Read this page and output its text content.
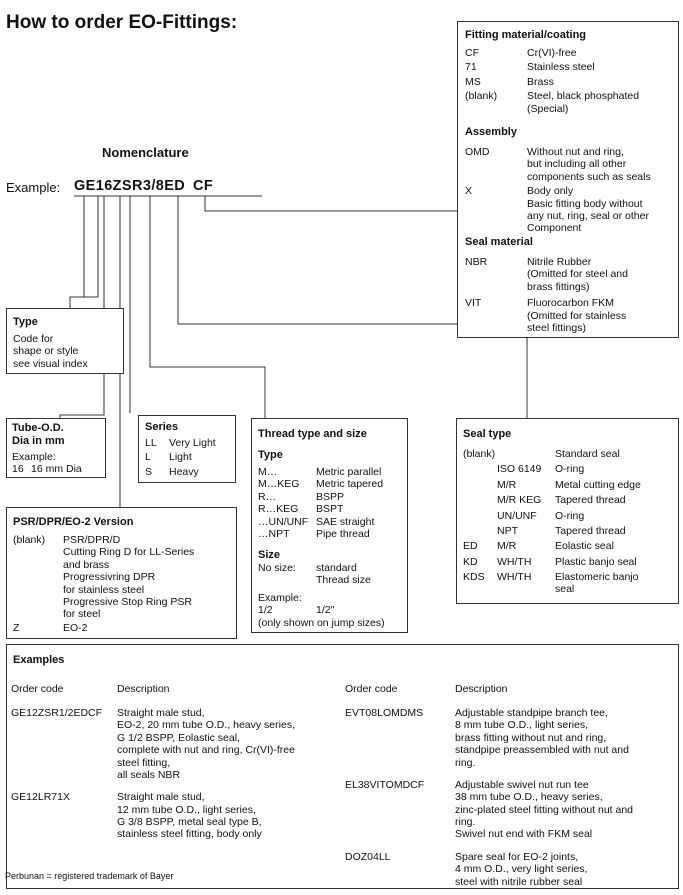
How to order EO-Fittings:
Nomenclature
Example: GE16ZSR3/8ED CF
Fitting material/coating
CF	Cr(VI)-free
71	Stainless steel
MS	Brass
(blank)	Steel, black phosphated
(Special)
Assembly
OMD	Without nut and ring,
but including all other
components such as seals
X	Body only
Basic fitting body without
any nut, ring, seal or other
Component
Seal material
NBR	Nitrile Rubber
(Omitted for steel and
brass fittings)
VIT	Fluorocarbon FKM
(Omitted for stainless
steel fittings)
Type
Code for
shape or style
see visual index
Tube-O.D.
Dia in mm
Example:
16 16 mm Dia
Series
LL	Very Light
L	Light
S	Heavy
Thread type and size
Type
M…	Metric parallel
M…KEG	Metric tapered
R…	BSPP
R…KEG	BSPT
…UN/UNF SAE straight
…NPT	Pipe thread
Size
No size: standard
Thread size
Example:
1/2	1/2"
(only shown on jump sizes)
Seal type
(blank)	Standard seal
ISO 6149	O-ring
M/R	Metal cutting edge
M/R KEG	Tapered thread
UN/UNF	O-ring
NPT	Tapered thread
ED	M/R	Eolastic seal
KD	WH/TH	Plastic banjo seal
KDS	WH/TH	Elastomeric banjo
seal
PSR/DPR/EO-2 Version
(blank)	PSR/DPR/D
Cutting Ring D for LL-Series
and brass
Progressivring DPR
for stainless steel
Progressive Stop Ring PSR
for steel
Z	EO-2
Examples
Order code	Description	Order code	Description
GE12ZSR1/2EDCF	Straight male stud,
EO-2, 20 mm tube O.D., heavy series,
G 1/2 BSPP, Eolastic seal,
complete with nut and ring, Cr(VI)-free
steel fitting,
all seals NBR
GE12LR71X	Straight male stud,
12 mm tube O.D., light series,
G 3/8 BSPP, metal seal type B,
stainless steel fitting, body only
EVT08LOMDMS	Adjustable standpipe branch tee,
8 mm tube O.D., light series,
brass fitting without nut and ring,
standpipe preassembled with nut and
ring.
EL38VITOMDCF	Adjustable swivel nut run tee
38 mm tube O.D., heavy series,
zinc-plated steel fitting without nut and
ring.
Swivel nut end with FKM seal
DOZ04LL	Spare seal for EO-2 joints,
4 mm O.D., very light series,
steel with nitrile rubber seal
Perbunan = registered trademark of Bayer
